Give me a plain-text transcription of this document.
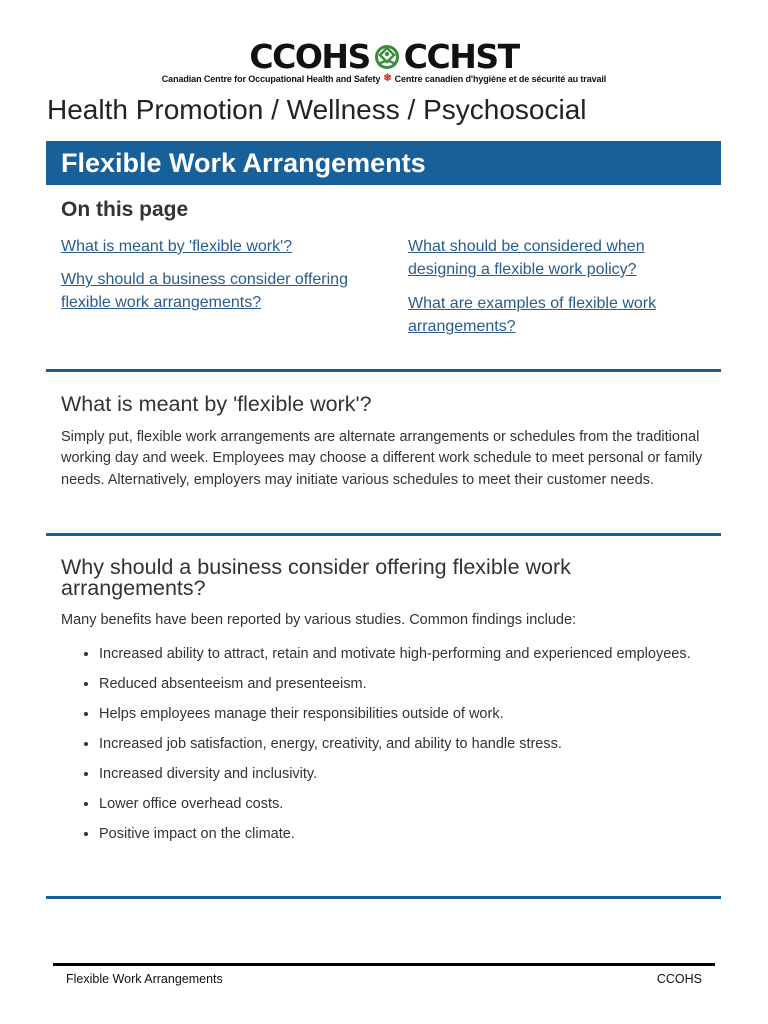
CCOHS CCHST
Canadian Centre for Occupational Health and Safety ❄ Centre canadien d'hygiène et de sécurité au travail
Health Promotion / Wellness / Psychosocial
Flexible Work Arrangements
On this page
What is meant by 'flexible work'?
Why should a business consider offering flexible work arrangements?
What should be considered when designing a flexible work policy?
What are examples of flexible work arrangements?
What is meant by 'flexible work'?

Simply put, flexible work arrangements are alternate arrangements or schedules from the traditional working day and week. Employees may choose a different work schedule to meet personal or family needs. Alternatively, employers may initiate various schedules to meet their customer needs.

Why should a business consider offering flexible work arrangements?

Many benefits have been reported by various studies. Common findings include:

• Increased ability to attract, retain and motivate high-performing and experienced employees.
• Reduced absenteeism and presenteeism.
• Helps employees manage their responsibilities outside of work.
• Increased job satisfaction, energy, creativity, and ability to handle stress.
• Increased diversity and inclusivity.
• Lower office overhead costs.
• Positive impact on the climate.
Flexible Work Arrangements	CCOHS
